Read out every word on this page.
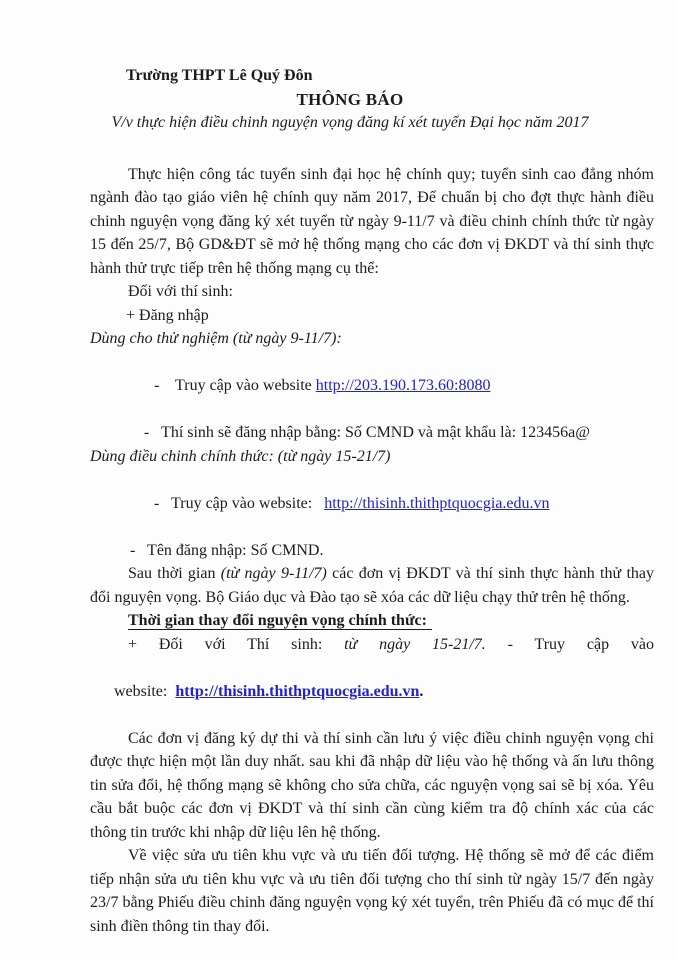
Trường THPT Lê Quý Đôn
THÔNG BÁO
V/v thực hiện điều chinh nguyện vọng đăng kí xét tuyển Đại học năm 2017

Thực hiện công tác tuyển sinh đại học hệ chính quy; tuyển sinh cao đẳng nhóm ngành đào tạo giáo viên hệ chính quy năm 2017, Để chuẩn bị cho đợt thực hành điều chinh nguyện vọng đăng ký xét tuyển từ ngày 9-11/7 và điều chinh chính thức từ ngày 15 đến 25/7, Bộ GD&ĐT sẽ mở hệ thống mạng cho các đơn vị ĐKDT và thí sinh thực hành thử trực tiếp trên hệ thống mạng cụ thể:

Đối với thí sinh:
+ Đăng nhập
Dùng cho thử nghiệm (từ ngày 9-11/7):

-    Truy cập vào website http://203.190.173.60:8080

-   Thí sinh sẽ đăng nhập bằng: Số CMND và mật khẩu là: 123456a@
Dùng điều chinh chính thức: (từ ngày 15-21/7)

-   Truy cập vào website:   http://thisinh.thithptquocgia.edu.vn

-   Tên đăng nhập: Số CMND.

Sau thời gian (từ ngày 9-11/7) các đơn vị ĐKDT và thí sinh thực hành thử thay đổi nguyện vọng. Bộ Giáo dục và Đào tạo sẽ xóa các dữ liệu chạy thử trên hệ thống.

Thời gian thay đổi nguyện vọng chính thức:
+ Đối với Thí sinh: từ ngày 15-21/7. - Truy cập vào

website:  http://thisinh.thithptquocgia.edu.vn.

Các đơn vị đăng ký dự thi và thí sinh cần lưu ý việc điều chinh nguyện vọng chi được thực hiện một lần duy nhất. sau khi đã nhập dữ liệu vào hệ thống và ấn lưu thông tin sửa đổi, hệ thống mạng sẽ không cho sửa chữa, các nguyện vọng sai sẽ bị xóa. Yêu cầu bắt buộc các đơn vị ĐKDT và thí sinh cần cùng kiểm tra độ chính xác của các thông tin trước khi nhập dữ liệu lên hệ thống.

Về việc sửa ưu tiên khu vực và ưu tiến đối tượng. Hệ thống sẽ mở để các điểm tiếp nhận sửa ưu tiên khu vực và ưu tiên đối tượng cho thí sinh từ ngày 15/7 đến ngày 23/7 bằng Phiếu điều chinh đăng nguyện vọng ký xét tuyển, trên Phiếu đã có mục để thí sinh điền thông tin thay đổi.
